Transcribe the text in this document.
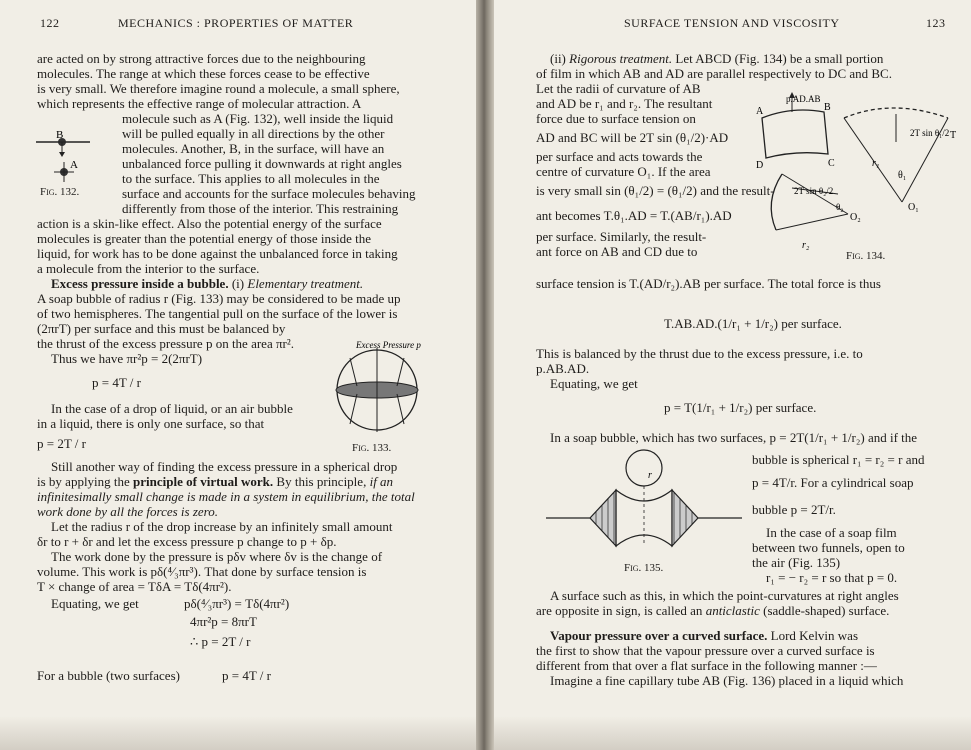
122	MECHANICS : PROPERTIES OF MATTER
are acted on by strong attractive forces due to the neighbouring
molecules. The range at which these forces cease to be effective
is very small. We therefore imagine round a molecule, a small sphere,
which represents the effective range of molecular attraction. A
molecule such as A (Fig. 132), well inside the liquid
will be pulled equally in all directions by the other
molecules. Another, B, in the surface, will have an
unbalanced force pulling it downwards at right angles
to the surface. This applies to all molecules in the
surface and accounts for the surface molecules behaving
differently from those of the interior. This restraining
B
A
Fig. 132.
action is a skin-like effect. Also the potential energy of the surface
molecules is greater than the potential energy of those inside the
liquid, for work has to be done against the unbalanced force in taking
a molecule from the interior to the surface.
Excess pressure inside a bubble. (i) Elementary treatment.
A soap bubble of radius r (Fig. 133) may be considered to be made up
of two hemispheres. The tangential pull on the surface of the lower is
(2πrT) per surface and this must be balanced by
the thrust of the excess pressure p on the area πr².
Thus we have πr²p = 2(2πrT)
p = 4T / r
Excess Pressure p
In the case of a drop of liquid, or an air bubble
in a liquid, there is only one surface, so that
p = 2T / r	Fig. 133.
Still another way of finding the excess pressure in a spherical drop
is by applying the principle of virtual work. By this principle, if an
infinitesimally small change is made in a system in equilibrium, the total
work done by all the forces is zero.
Let the radius r of the drop increase by an infinitely small amount
δr to r + δr and let the excess pressure p change to p + δp.
The work done by the pressure is pδv where δv is the change of
volume. This work is pδ(⁴⁄₃πr³). That done by surface tension is
T × change of area = TδA = Tδ(4πr²).
Equating, we get	pδ(⁴⁄₃πr³) = Tδ(4πr²)
4πr²p = 8πrT
∴ p = 2T / r
For a bubble (two surfaces)	p = 4T / r
SURFACE TENSION AND VISCOSITY	123
(ii) Rigorous treatment. Let ABCD (Fig. 134) be a small portion
of film in which AB and AD are parallel respectively to DC and BC.
Let the radii of curvature of AB
and AD be r₁ and r₂. The resultant
force due to surface tension on
AD and BC will be 2T sin (θ₁/2)·AD
per surface and acts towards the
centre of curvature O₁. If the area
is very small sin (θ₁/2) = (θ₁/2) and the result-
ant becomes T.θ₁.AD = T.(AB/r₁).AD
per surface. Similarly, the result-
ant force on AB and CD due to
p.AD.AB
A	B
D	C
T
r₁
r₂
θ₁
θ₂	O₁
O₂
2T sin θ₁/2
2T sin θ₂/2
Fig. 134.
surface tension is T.(AD/r₂).AB per surface. The total force is thus
T.AB.AD.(1/r₁ + 1/r₂) per surface.
This is balanced by the thrust due to the excess pressure, i.e. to
p.AB.AD.
Equating, we get
p = T(1/r₁ + 1/r₂) per surface.
In a soap bubble, which has two surfaces, p = 2T(1/r₁ + 1/r₂) and if the
bubble is spherical r₁ = r₂ = r and
p = 4T/r. For a cylindrical soap
bubble p = 2T/r.
In the case of a soap film
between two funnels, open to
the air (Fig. 135)
r₁ = − r₂ = r so that p = 0.
r
Fig. 135.
A surface such as this, in which the point-curvatures at right angles
are opposite in sign, is called an anticlastic (saddle-shaped) surface.
Vapour pressure over a curved surface. Lord Kelvin was
the first to show that the vapour pressure over a curved surface is
different from that over a flat surface in the following manner :—
Imagine a fine capillary tube AB (Fig. 136) placed in a liquid which
